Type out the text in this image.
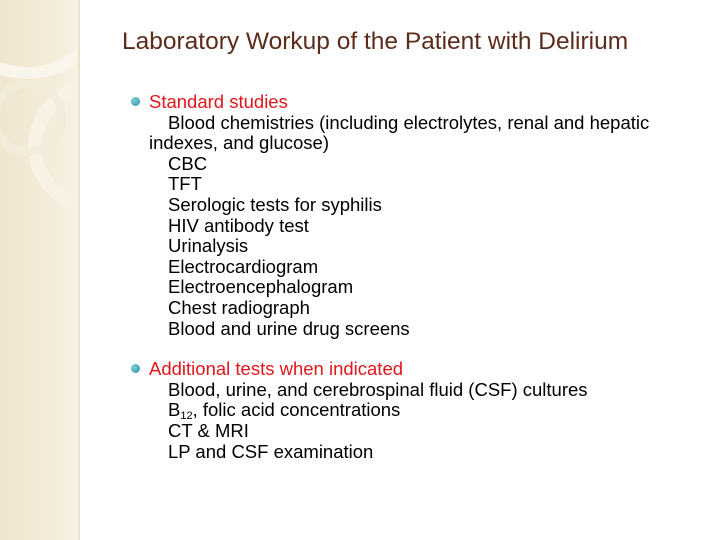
Laboratory Workup of the Patient with Delirium
Standard studies
Blood chemistries (including electrolytes, renal and hepatic indexes, and glucose)
CBC
TFT
Serologic tests for syphilis
HIV antibody test
Urinalysis
Electrocardiogram
Electroencephalogram
Chest radiograph
Blood and urine drug screens
Additional tests when indicated
Blood, urine, and cerebrospinal fluid (CSF) cultures
$B_{12}$, folic acid concentrations
CT & MRI
LP and CSF examination
